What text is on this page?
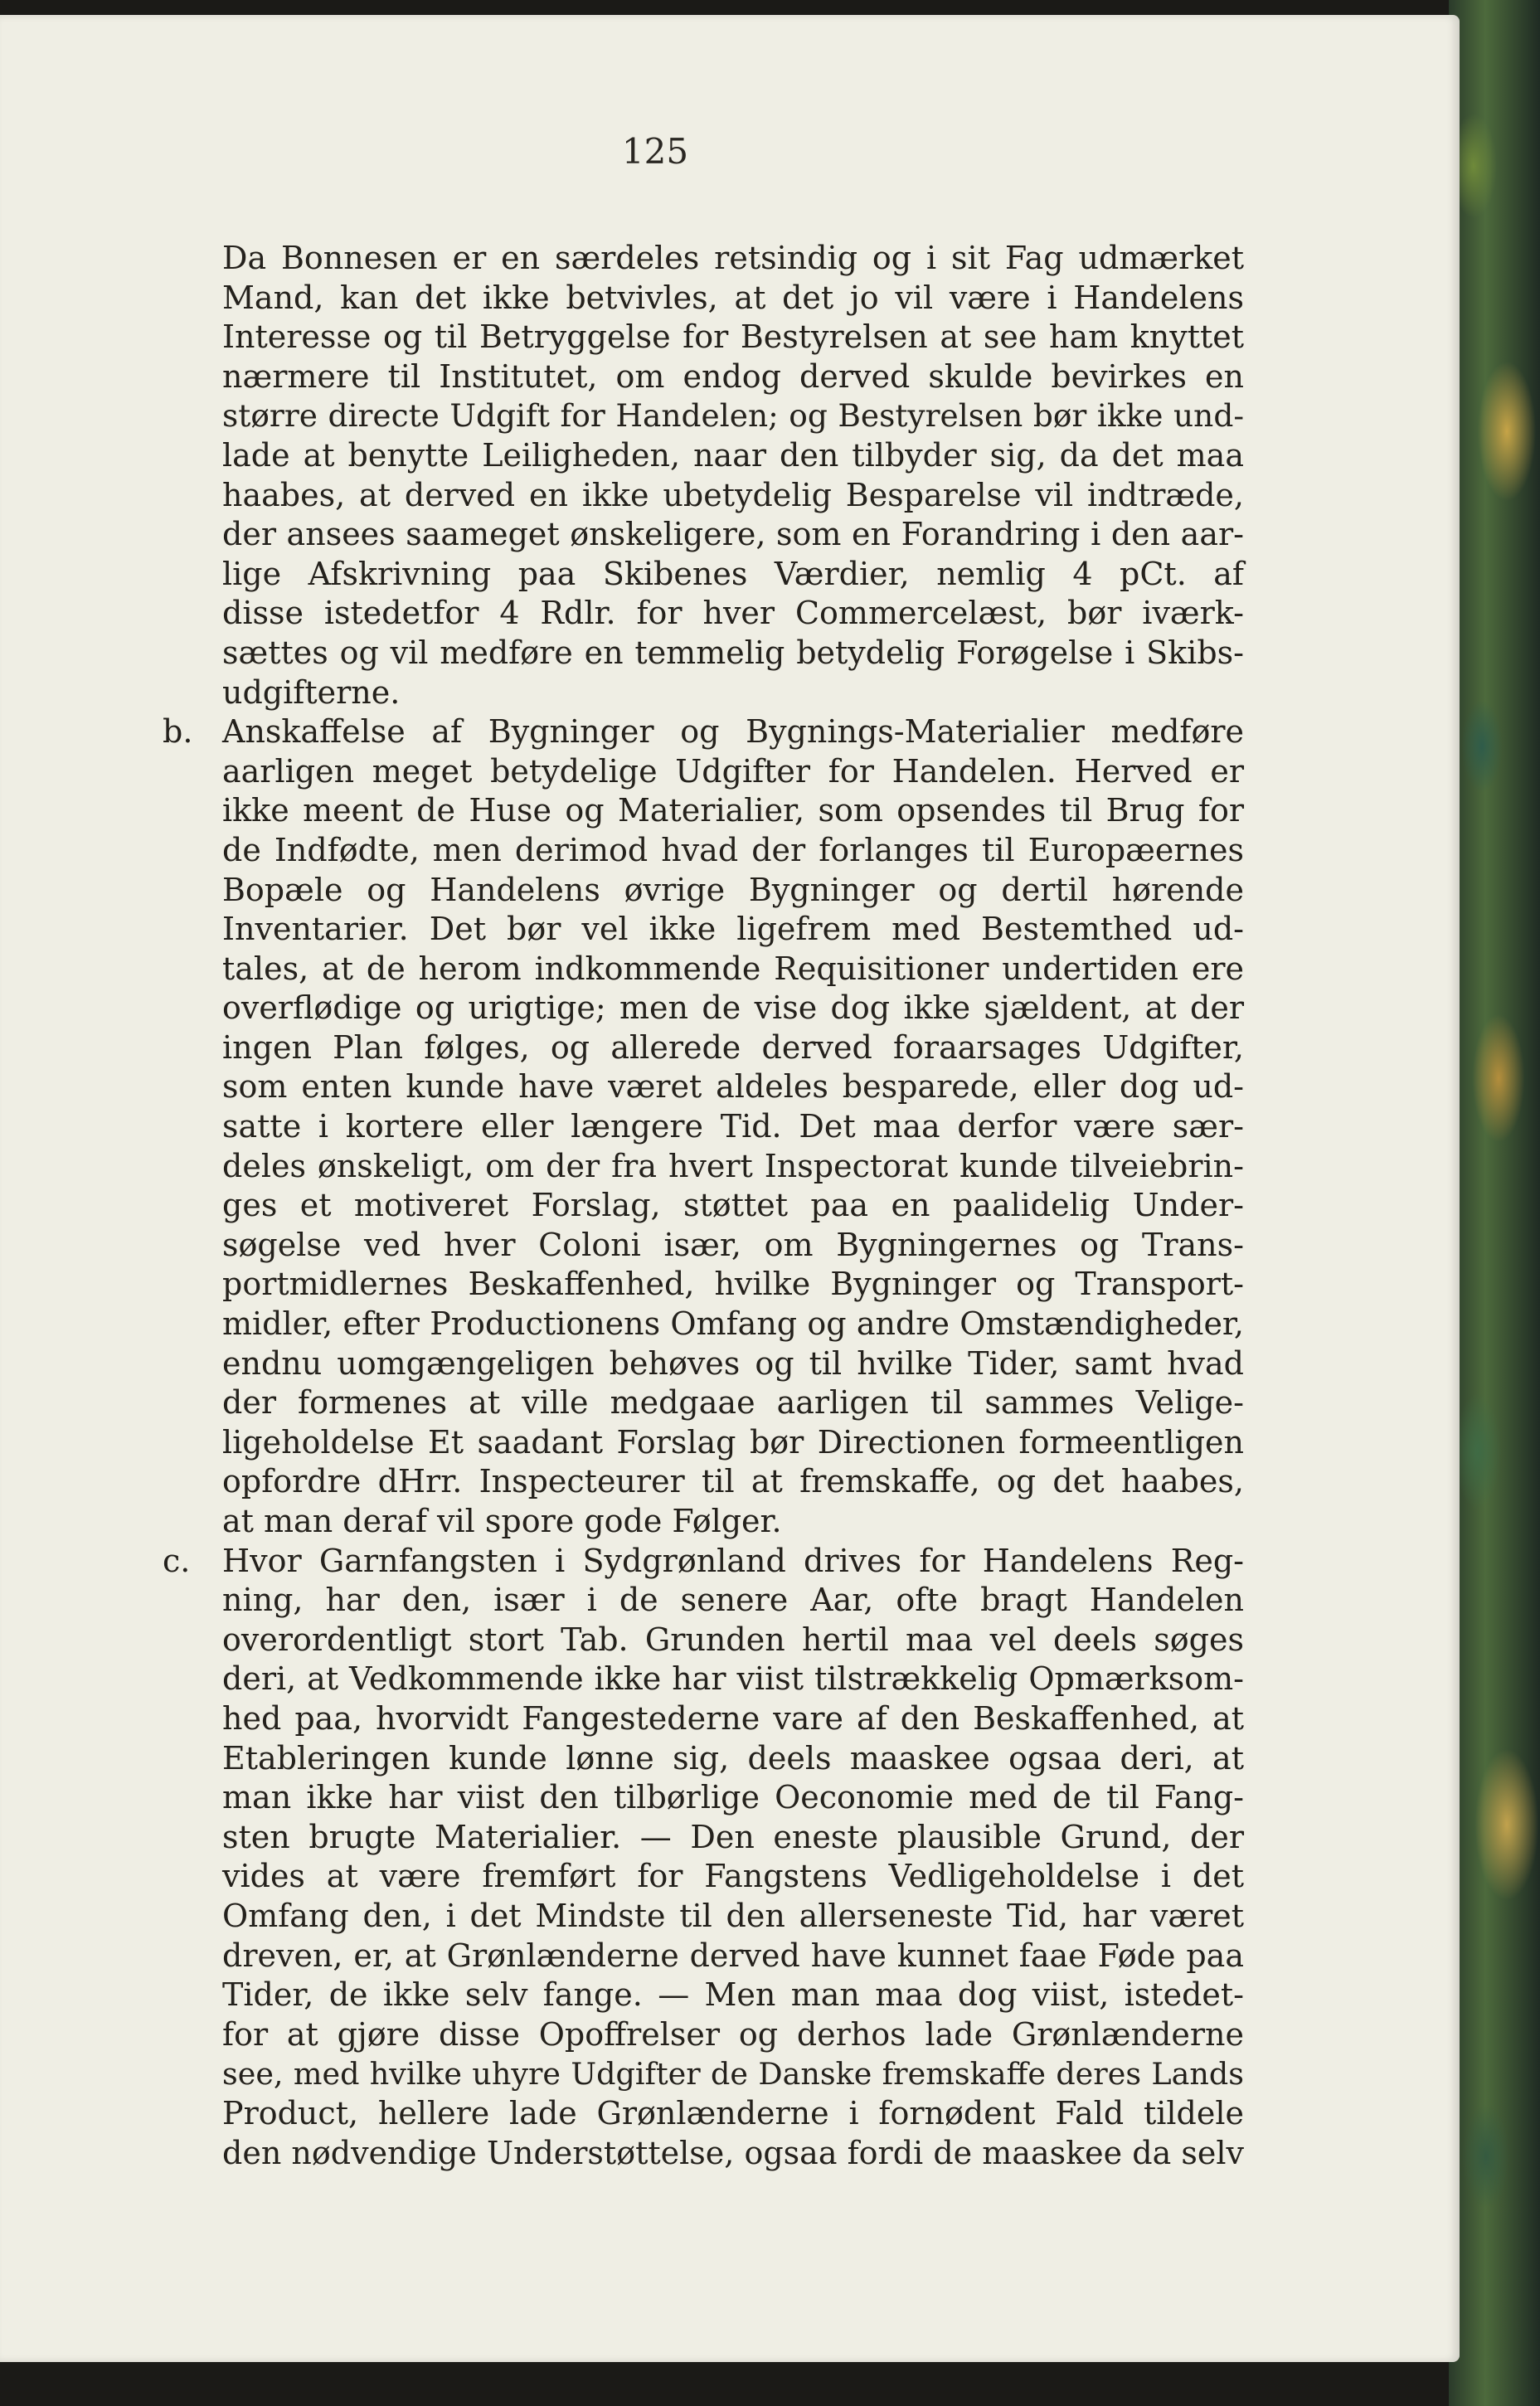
125
Da Bonnesen er en særdeles retsindig og i sit Fag udmærket
Mand, kan det ikke betvivles, at det jo vil være i Handelens
Interesse og til Betryggelse for Bestyrelsen at see ham knyttet
nærmere til Institutet, om endog derved skulde bevirkes en
større directe Udgift for Handelen; og Bestyrelsen bør ikke und-
lade at benytte Leiligheden, naar den tilbyder sig, da det maa
haabes, at derved en ikke ubetydelig Besparelse vil indtræde,
der ansees saameget ønskeligere, som en Forandring i den aar-
lige Afskrivning paa Skibenes Værdier, nemlig 4 pCt. af
disse istedetfor 4 Rdlr. for hver Commercelæst, bør iværk-
sættes og vil medføre en temmelig betydelig Forøgelse i Skibs-
udgifterne.
b. Anskaffelse af Bygninger og Bygnings-Materialier medføre
aarligen meget betydelige Udgifter for Handelen. Herved er
ikke meent de Huse og Materialier, som opsendes til Brug for
de Indfødte, men derimod hvad der forlanges til Europæernes
Bopæle og Handelens øvrige Bygninger og dertil hørende
Inventarier. Det bør vel ikke ligefrem med Bestemthed ud-
tales, at de herom indkommende Requisitioner undertiden ere
overflødige og urigtige; men de vise dog ikke sjældent, at der
ingen Plan følges, og allerede derved foraarsages Udgifter,
som enten kunde have været aldeles besparede, eller dog ud-
satte i kortere eller længere Tid. Det maa derfor være sær-
deles ønskeligt, om der fra hvert Inspectorat kunde tilveiebrin-
ges et motiveret Forslag, støttet paa en paalidelig Under-
søgelse ved hver Coloni især, om Bygningernes og Trans-
portmidlernes Beskaffenhed, hvilke Bygninger og Transport-
midler, efter Productionens Omfang og andre Omstændigheder,
endnu uomgængeligen behøves og til hvilke Tider, samt hvad
der formenes at ville medgaae aarligen til sammes Velige-
ligeholdelse Et saadant Forslag bør Directionen formeentligen
opfordre dHrr. Inspecteurer til at fremskaffe, og det haabes,
at man deraf vil spore gode Følger.
c.	Hvor Garnfangsten i Sydgrønland drives for Handelens Reg-
ning, har den, især i de senere Aar, ofte bragt Handelen
overordentligt stort Tab. Grunden hertil maa vel deels søges
deri, at Vedkommende ikke har viist tilstrækkelig Opmærksom-
hed paa, hvorvidt Fangestederne vare af den Beskaffenhed, at
Etableringen kunde lønne sig, deels maaskee ogsaa deri, at
man ikke har viist den tilbørlige Oeconomie med de til Fang-
sten brugte Materialier. — Den eneste plausible Grund, der
vides at være fremført for Fangstens Vedligeholdelse i det
Omfang den, i det Mindste til den allerseneste Tid, har været
dreven, er, at Grønlænderne derved have kunnet faae Føde paa
Tider, de ikke selv fange. — Men man maa dog viist, istedet-
for at gjøre disse Opoffrelser og derhos lade Grønlænderne
see, med hvilke uhyre Udgifter de Danske fremskaffe deres Lands
Product, hellere lade Grønlænderne i fornødent Fald tildele
den nødvendige Understøttelse, ogsaa fordi de maaskee da selv
